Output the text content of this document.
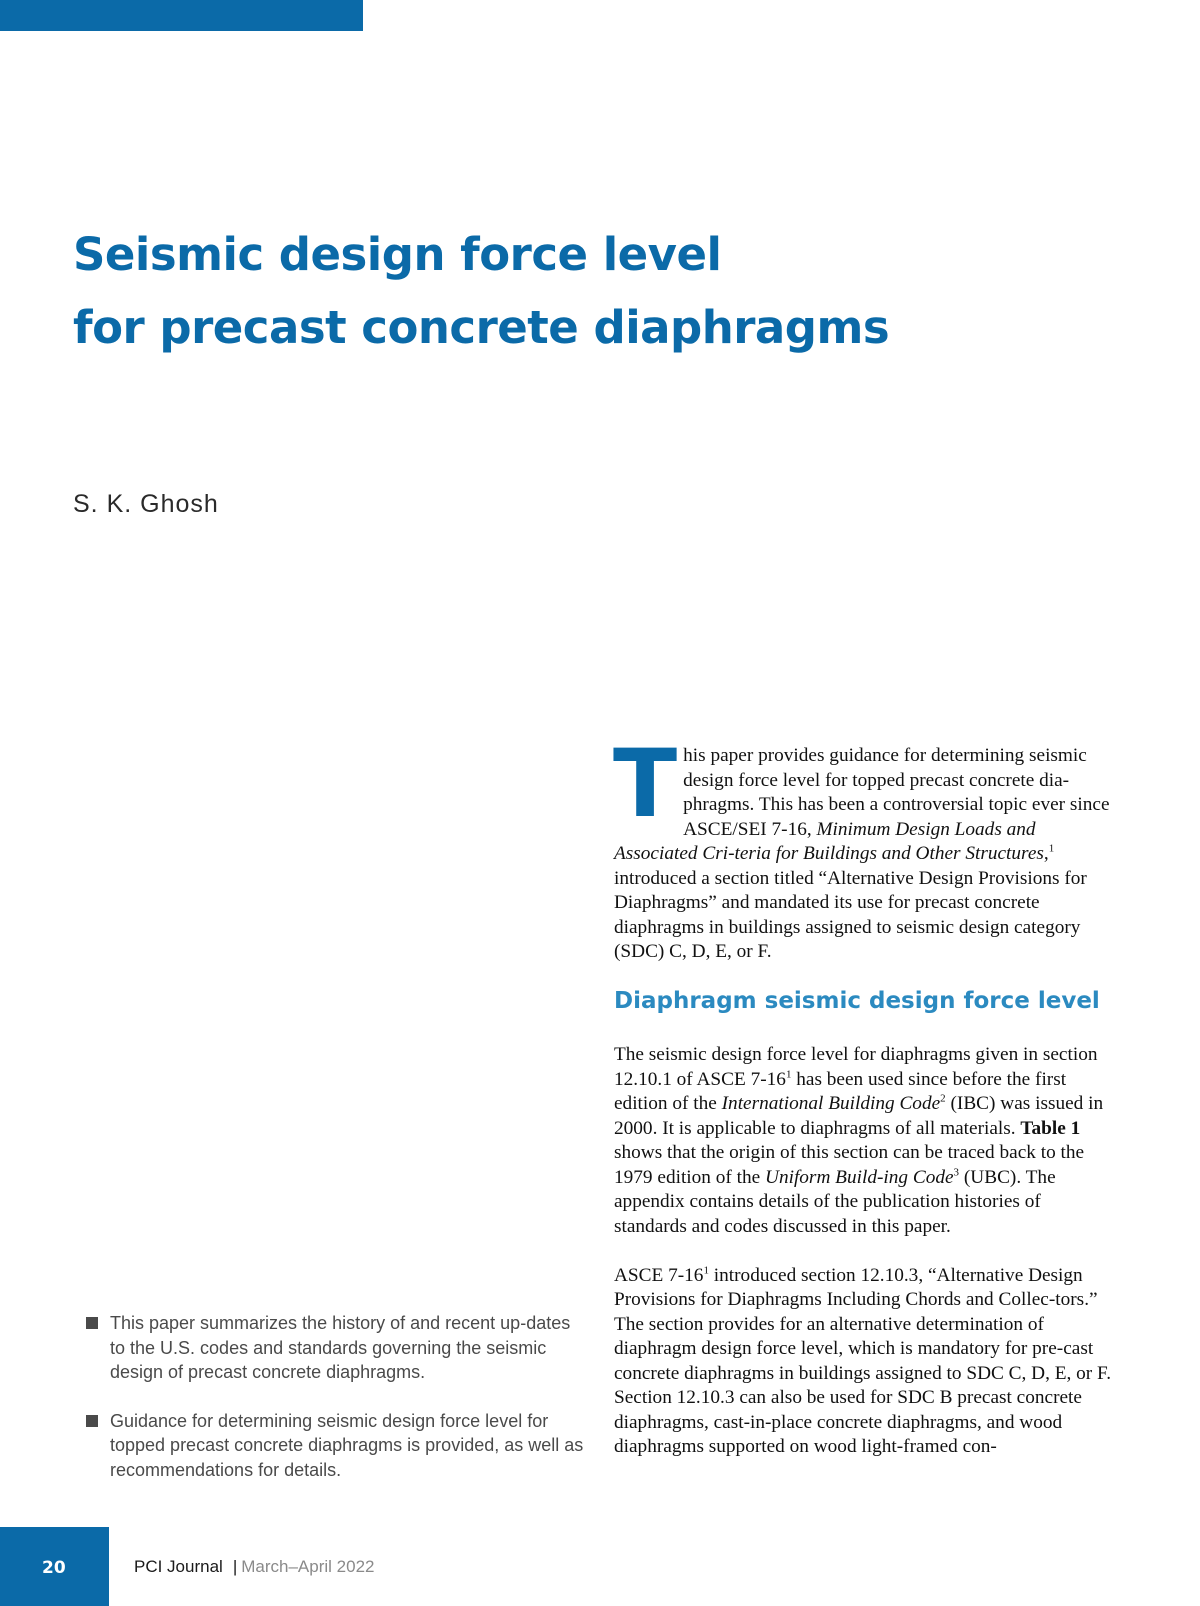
Seismic design force level
for precast concrete diaphragms
S. K. Ghosh
This paper summarizes the history of and recent up-dates to the U.S. codes and standards governing the seismic design of precast concrete diaphragms.
Guidance for determining seismic design force level for topped precast concrete diaphragms is provided, as well as recommendations for details.

This paper provides guidance for determining seismic design force level for topped precast concrete dia-phragms. This has been a controversial topic ever since ASCE/SEI 7-16, Minimum Design Loads and Associated Cri-teria for Buildings and Other Structures,$^1$ introduced a section titled “Alternative Design Provisions for Diaphragms” and mandated its use for precast concrete diaphragms in buildings assigned to seismic design category (SDC) C, D, E, or F.

Diaphragm seismic design force level

The seismic design force level for diaphragms given in section 12.10.1 of ASCE $7-16^1$ has been used since before the first edition of the International Building Code$^2$ (IBC) was issued in 2000. It is applicable to diaphragms of all materials. Table 1 shows that the origin of this section can be traced back to the 1979 edition of the Uniform Build-ing Code$^3$ (UBC). The appendix contains details of the publication histories of standards and codes discussed in this paper.

ASCE $7-16^1$ introduced section 12.10.3, “Alternative Design Provisions for Diaphragms Including Chords and Collec-tors.” The section provides for an alternative determination of diaphragm design force level, which is mandatory for pre-cast concrete diaphragms in buildings assigned to SDC C, D, E, or F. Section 12.10.3 can also be used for SDC B precast concrete diaphragms, cast-in-place concrete diaphragms, and wood diaphragms supported on wood light-framed con-

20	PCI Journal | March–April 2022
